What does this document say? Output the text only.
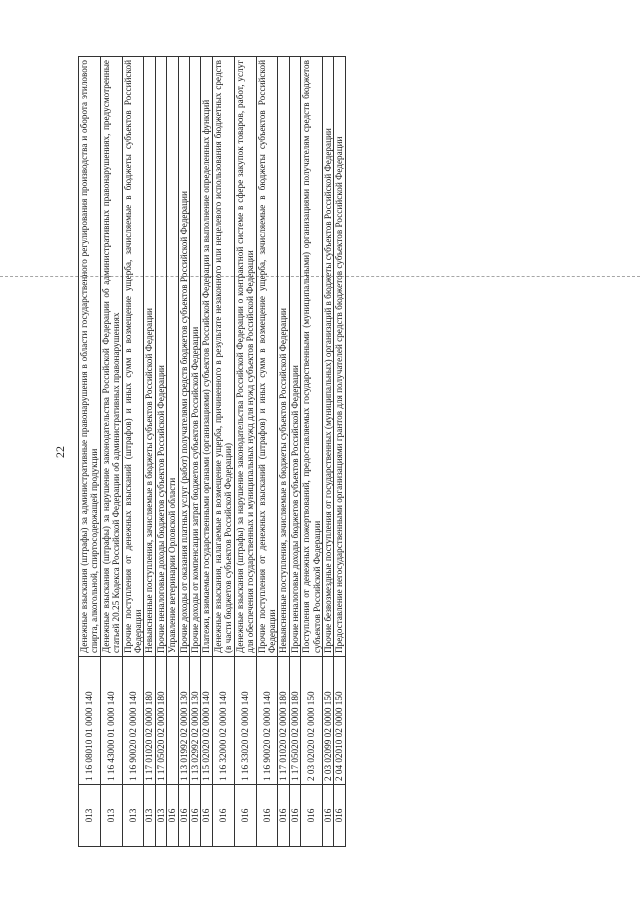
22
013	1 16 08010 01 0000 140	Денежные взыскания (штрафы) за административные правонарушения в области государственного регулирования производства и оборота этилового спирта, алкогольной, спиртосодержащей продукции
013	1 16 43000 01 0000 140	Денежные взыскания (штрафы) за нарушение законодательства Российской Федерации об административных правонарушениях, предусмотренные статьей 20.25 Кодекса Российской Федерации об административных правонарушениях
013	1 16 90020 02 0000 140	Прочие поступления от денежных взысканий (штрафов) и иных сумм в возмещение ущерба, зачисляемые в бюджеты субъектов Российской Федерации
013	1 17 01020 02 0000 180	Невыясненные поступления, зачисляемые в бюджеты субъектов Российской Федерации
013	1 17 05020 02 0000 180	Прочие неналоговые доходы бюджетов субъектов Российской Федерации
016		Управление ветеринарии Орловской области
016	1 13 01992 02 0000 130	Прочие доходы от оказания платных услуг (работ) получателями средств бюджетов субъектов Российской Федерации
016	1 13 02992 02 0000 130	Прочие доходы от компенсации затрат бюджетов субъектов Российской Федерации
016	1 15 02020 02 0000 140	Платежи, взимаемые государственными органами (организациями) субъектов Российской Федерации за выполнение определенных функций
016	1 16 32000 02 0000 140	Денежные взыскания, налагаемые в возмещение ущерба, причиненного в результате незаконного или нецелевого использования бюджетных средств (в части бюджетов субъектов Российской Федерации)
016	1 16 33020 02 0000 140	Денежные взыскания (штрафы) за нарушение законодательства Российской Федерации о контрактной системе в сфере закупок товаров, работ, услуг для обеспечения государственных и муниципальных нужд для нужд субъектов Российской Федерации
016	1 16 90020 02 0000 140	Прочие поступления от денежных взысканий (штрафов) и иных сумм в возмещение ущерба, зачисляемые в бюджеты субъектов Российской Федерации
016	1 17 01020 02 0000 180	Невыясненные поступления, зачисляемые в бюджеты субъектов Российской Федерации
016	1 17 05020 02 0000 180	Прочие неналоговые доходы бюджетов субъектов Российской Федерации
016	2 03 02020 02 0000 150	Поступления от денежных пожертвований, предоставляемых государственными (муниципальными) организациями получателям средств бюджетов субъектов Российской Федерации
016	2 03 02099 02 0000 150	Прочие безвозмездные поступления от государственных (муниципальных) организаций в бюджеты субъектов Российской Федерации
016	2 04 02010 02 0000 150	Предоставление негосударственными организациями грантов для получателей средств бюджетов субъектов Российской Федерации
